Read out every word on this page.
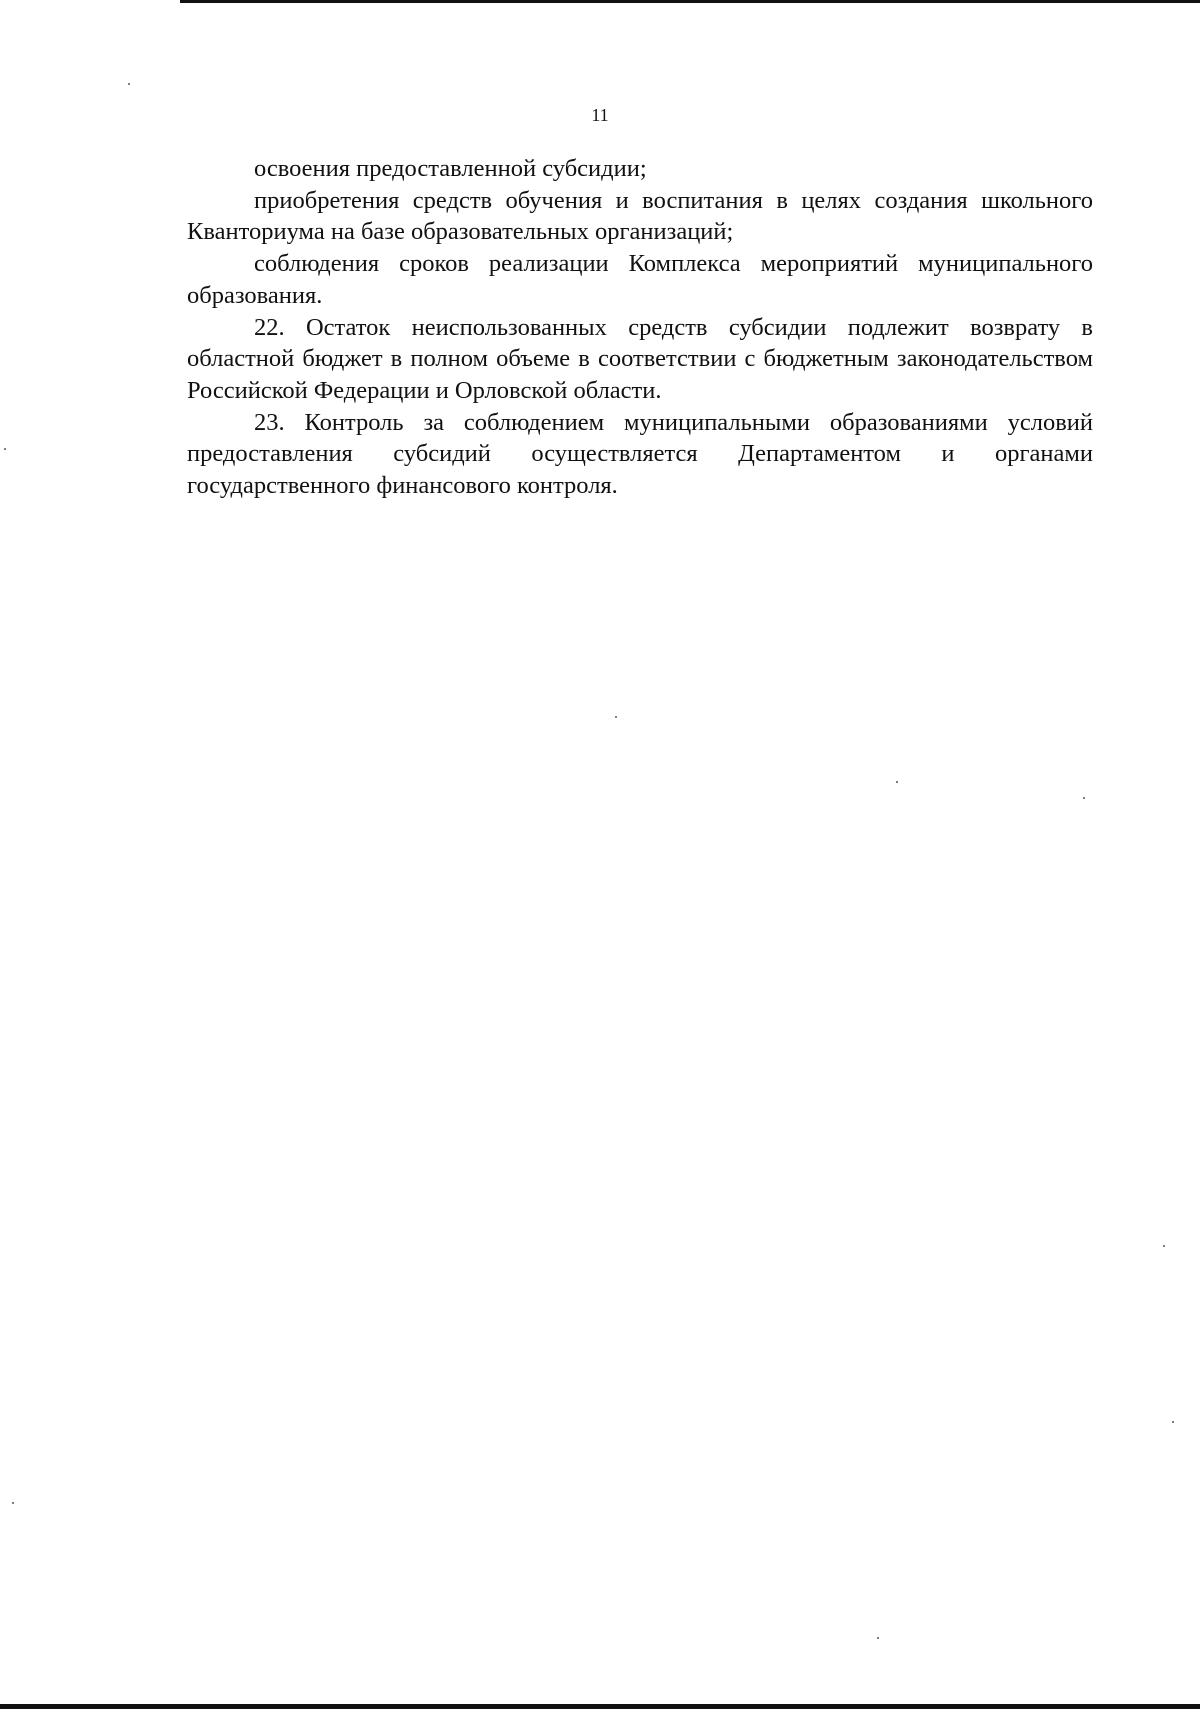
11

освоения предоставленной субсидии;

приобретения средств обучения и воспитания в целях создания школьного Кванториума на базе образовательных организаций;

соблюдения сроков реализации Комплекса мероприятий муниципального образования.

22. Остаток неиспользованных средств субсидии подлежит возврату в областной бюджет в полном объеме в соответствии с бюджетным законодательством Российской Федерации и Орловской области.

23. Контроль за соблюдением муниципальными образованиями условий предоставления субсидий осуществляется Департаментом и органами государственного финансового контроля.
